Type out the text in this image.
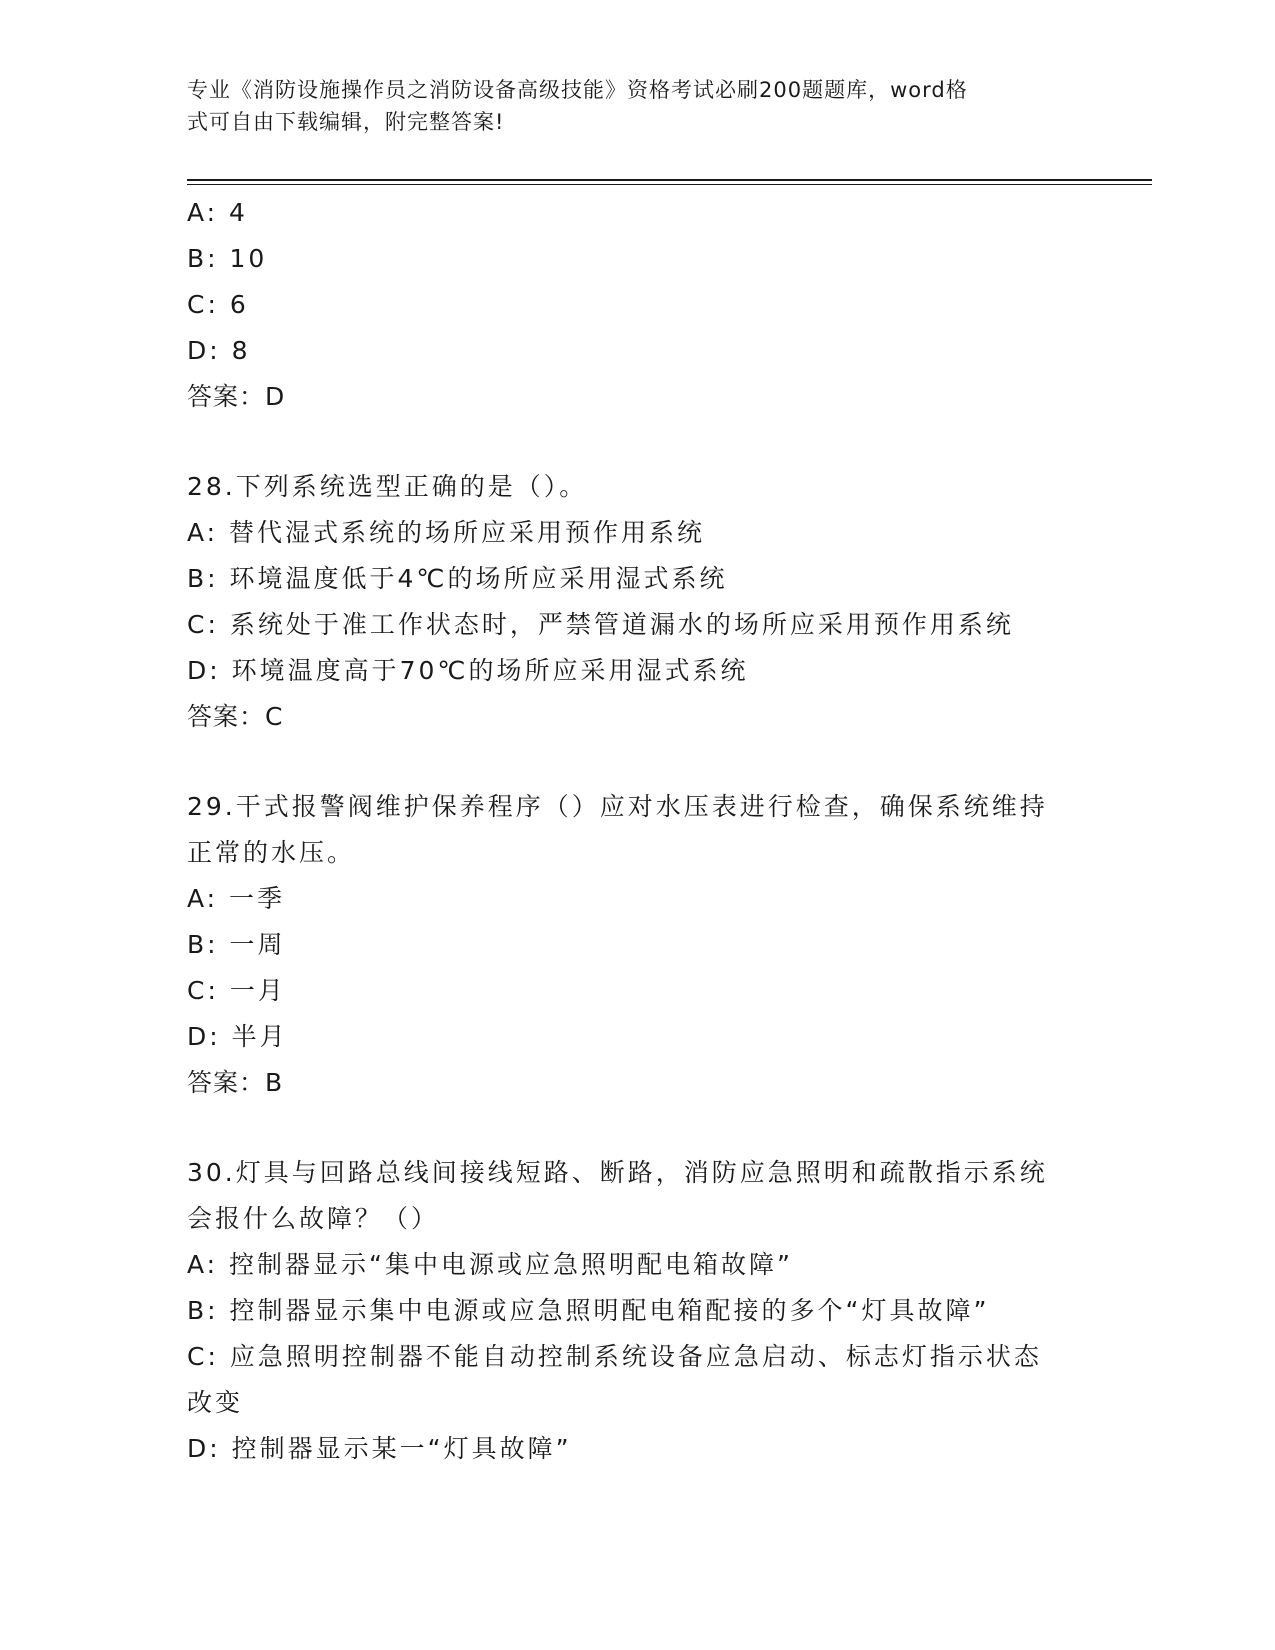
专业《消防设施操作员之消防设备高级技能》资格考试必刷200题题库，word格
式可自由下载编辑，附完整答案!
A: 4
B: 10
C: 6
D: 8
答案：D
28.下列系统选型正确的是（）。
A: 替代湿式系统的场所应采用预作用系统
B: 环境温度低于4℃的场所应采用湿式系统
C: 系统处于准工作状态时，严禁管道漏水的场所应采用预作用系统
D: 环境温度高于70℃的场所应采用湿式系统
答案：C
29.干式报警阀维护保养程序（）应对水压表进行检查，确保系统维持
正常的水压。
A: 一季
B: 一周
C: 一月
D: 半月
答案：B
30.灯具与回路总线间接线短路、断路，消防应急照明和疏散指示系统
会报什么故障？（）
A: 控制器显示“集中电源或应急照明配电箱故障”
B: 控制器显示集中电源或应急照明配电箱配接的多个“灯具故障”
C: 应急照明控制器不能自动控制系统设备应急启动、标志灯指示状态
改变
D: 控制器显示某一“灯具故障”
